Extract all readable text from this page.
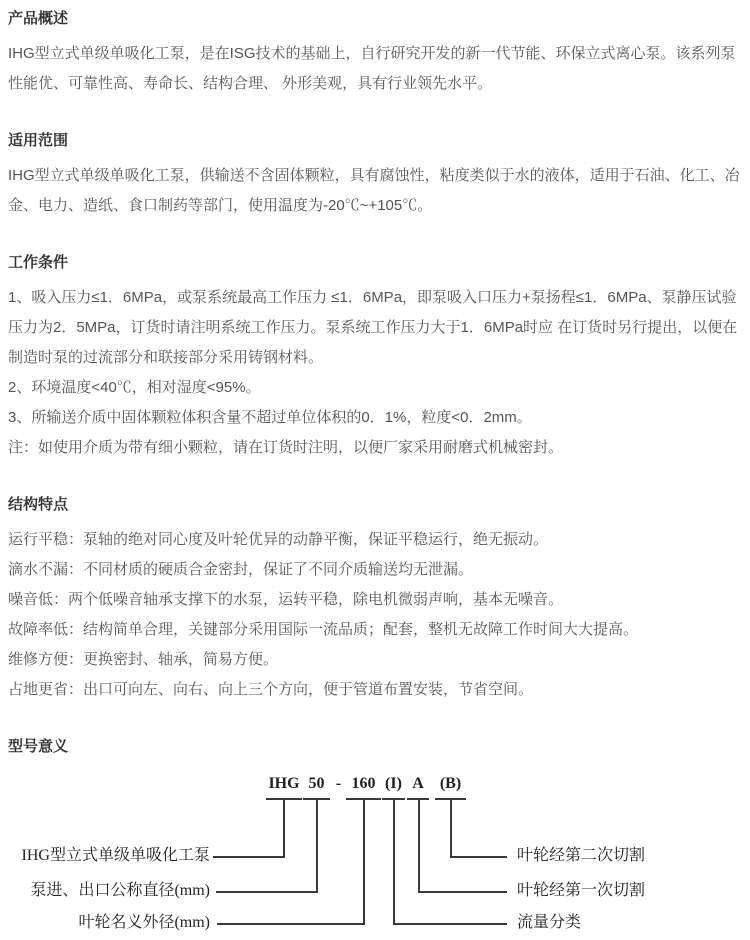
产品概述

IHG型立式单级单吸化工泵，是在ISG技术的基础上，自行研究开发的新一代节能、环保立式离心泵。该系列泵性能优、可靠性高、寿命长、结构合理、 外形美观，具有行业领先水平。

适用范围

IHG型立式单级单吸化工泵，供输送不含固体颗粒，具有腐蚀性，粘度类似于水的液体，适用于石油、化工、冶金、电力、造纸、食口制药等部门，使用温度为-20℃~+105℃。

工作条件

1、吸入压力≤1．6MPa，或泵系统最高工作压力 ≤1．6MPa，即泵吸入口压力+泵扬程≤1．6MPa、泵静压试验压力为2．5MPa，订货时请注明系统工作压力。泵系统工作压力大于1．6MPa时应 在订货时另行提出，以便在制造时泵的过流部分和联接部分采用铸钢材料。

2、环境温度<40℃，相对湿度<95%。

3、所输送介质中固体颗粒体积含量不超过单位体积的0．1%，粒度<0．2mm。

注：如使用介质为带有细小颗粒，请在订货时注明，以便厂家采用耐磨式机械密封。

结构特点

运行平稳：泵轴的绝对同心度及叶轮优异的动静平衡，保证平稳运行，绝无振动。

滴水不漏：不同材质的硬质合金密封，保证了不同介质输送均无泄漏。

噪音低：两个低噪音轴承支撑下的水泵，运转平稳，除电机微弱声响，基本无噪音。

故障率低：结构简单合理，关键部分采用国际一流品质；配套，整机无故障工作时间大大提高。

维修方便：更换密封、轴承，简易方便。

占地更省：出口可向左、向右、向上三个方向，便于管道布置安装，节省空间。

型号意义
IHG 50 - 160 (I) A	(B)
IHG型立式单级单吸化工泵
泵进、出口公称直径(mm)
叶轮名义外径(mm)
叶轮经第二次切割
叶轮经第一次切割
流量分类
